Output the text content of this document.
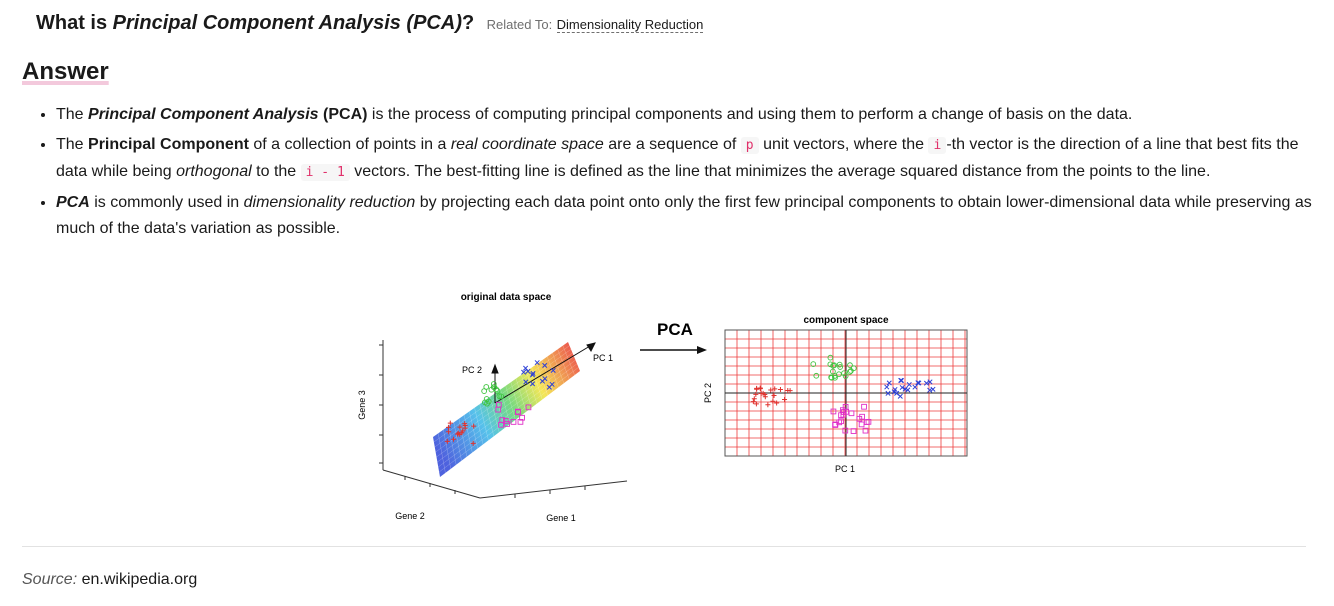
What is Principal Component Analysis (PCA)? Related To: Dimensionality Reduction
Answer
• The Principal Component Analysis (PCA) is the process of computing principal components and using them to perform a change of basis on the data.
• The Principal Component of a collection of points in a real coordinate space are a sequence of p unit vectors, where the i -th vector is the direction of a line that best fits the data while being orthogonal to the i - 1 vectors. The best-fitting line is defined as the line that minimizes the average squared distance from the points to the line.
• PCA is commonly used in dimensionality reduction by projecting each data point onto only the first few principal components to obtain lower-dimensional data while preserving as much of the data's variation as possible.
original data space
Gene 3
Gene 2	Gene 1
PC 1
PC 2
PCA	component space
PC 1
PC 2
Source: en.wikipedia.org
